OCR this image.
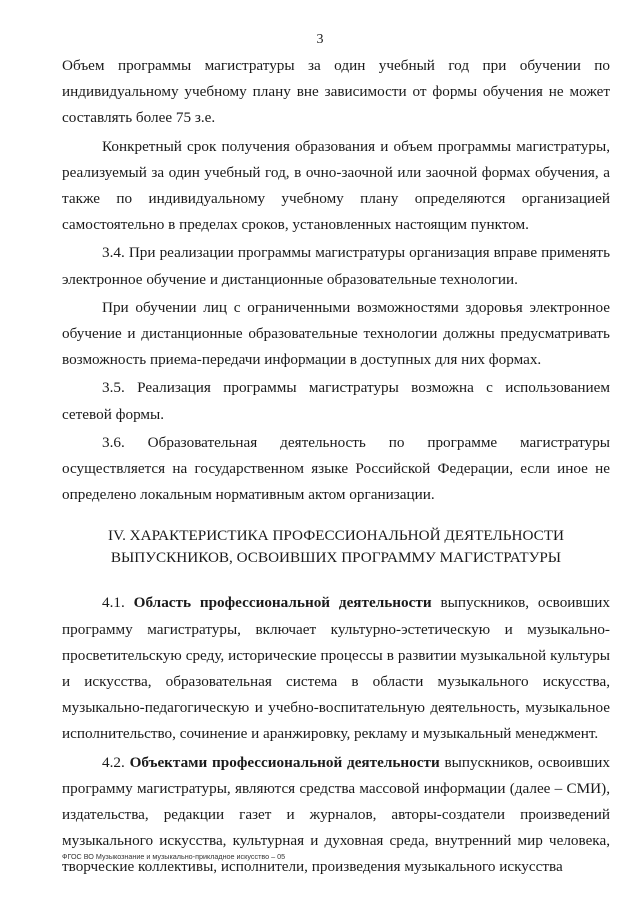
3

Объем программы магистратуры за один учебный год при обучении по индивидуальному учебному плану вне зависимости от формы обучения не может составлять более 75 з.е.

Конкретный срок получения образования и объем программы магистратуры, реализуемый за один учебный год, в очно-заочной или заочной формах обучения, а также по индивидуальному учебному плану определяются организацией самостоятельно в пределах сроков, установленных настоящим пунктом.

3.4. При реализации программы магистратуры организация вправе применять электронное обучение и дистанционные образовательные технологии.

При обучении лиц с ограниченными возможностями здоровья электронное обучение и дистанционные образовательные технологии должны предусматривать возможность приема-передачи информации в доступных для них формах.

3.5. Реализация программы магистратуры возможна с использованием сетевой формы.

3.6. Образовательная деятельность по программе магистратуры осуществляется на государственном языке Российской Федерации, если иное не определено локальным нормативным актом организации.

IV. ХАРАКТЕРИСТИКА ПРОФЕССИОНАЛЬНОЙ ДЕЯТЕЛЬНОСТИ
ВЫПУСКНИКОВ, ОСВОИВШИХ ПРОГРАММУ МАГИСТРАТУРЫ

4.1. Область профессиональной деятельности выпускников, освоивших программу магистратуры, включает культурно-эстетическую и музыкально-просветительскую среду, исторические процессы в развитии музыкальной культуры и искусства, образовательная система в области музыкального искусства, музыкально-педагогическую и учебно-воспитательную деятельность, музыкальное исполнительство, сочинение и аранжировку, рекламу и музыкальный менеджмент.

4.2. Объектами профессиональной деятельности выпускников, освоивших программу магистратуры, являются средства массовой информации (далее – СМИ), издательства, редакции газет и журналов, авторы-создатели произведений музыкального искусства, культурная и духовная среда, внутренний мир человека, творческие коллективы, исполнители, произведения музыкального искусства

ФГОС ВО Музыкознание и музыкально-прикладное искусство – 05
